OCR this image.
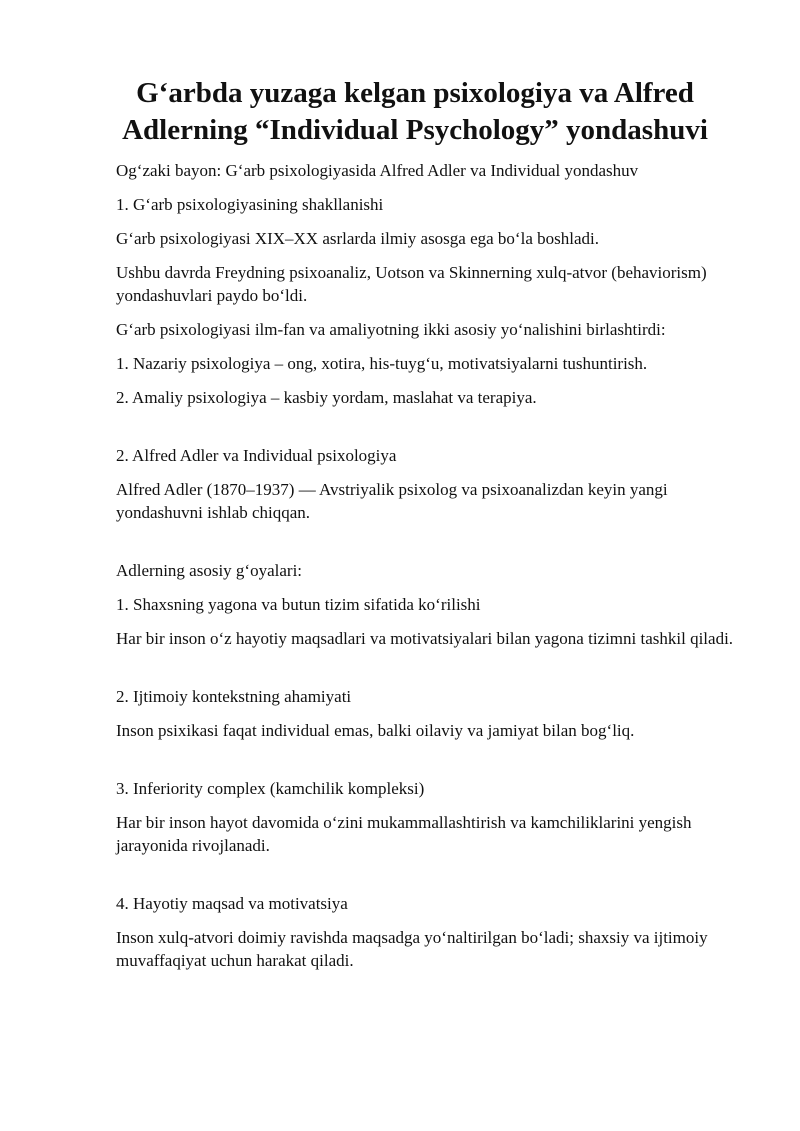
G‘arbda yuzaga kelgan psixologiya va Alfred Adlerning “Individual Psychology” yondashuvi

Og‘zaki bayon: G‘arb psixologiyasida Alfred Adler va Individual yondashuv

1. G‘arb psixologiyasining shakllanishi

G‘arb psixologiyasi XIX–XX asrlarda ilmiy asosga ega bo‘la boshladi.

Ushbu davrda Freydning psixoanaliz, Uotson va Skinnerning xulq-atvor (behaviorism) yondashuvlari paydo bo‘ldi.

G‘arb psixologiyasi ilm-fan va amaliyotning ikki asosiy yo‘nalishini birlashtirdi:

1. Nazariy psixologiya – ong, xotira, his-tuyg‘u, motivatsiyalarni tushuntirish.

2. Amaliy psixologiya – kasbiy yordam, maslahat va terapiya.

2. Alfred Adler va Individual psixologiya

Alfred Adler (1870–1937) — Avstriyalik psixolog va psixoanalizdan keyin yangi yondashuvni ishlab chiqqan.

Adlerning asosiy g‘oyalari:

1. Shaxsning yagona va butun tizim sifatida ko‘rilishi

Har bir inson o‘z hayotiy maqsadlari va motivatsiyalari bilan yagona tizimni tashkil qiladi.

2. Ijtimoiy kontekstning ahamiyati

Inson psixikasi faqat individual emas, balki oilaviy va jamiyat bilan bog‘liq.

3. Inferiority complex (kamchilik kompleksi)

Har bir inson hayot davomida o‘zini mukammallashtirish va kamchiliklarini yengish jarayonida rivojlanadi.

4. Hayotiy maqsad va motivatsiya

Inson xulq-atvori doimiy ravishda maqsadga yo‘naltirilgan bo‘ladi; shaxsiy va ijtimoiy muvaffaqiyat uchun harakat qiladi.
